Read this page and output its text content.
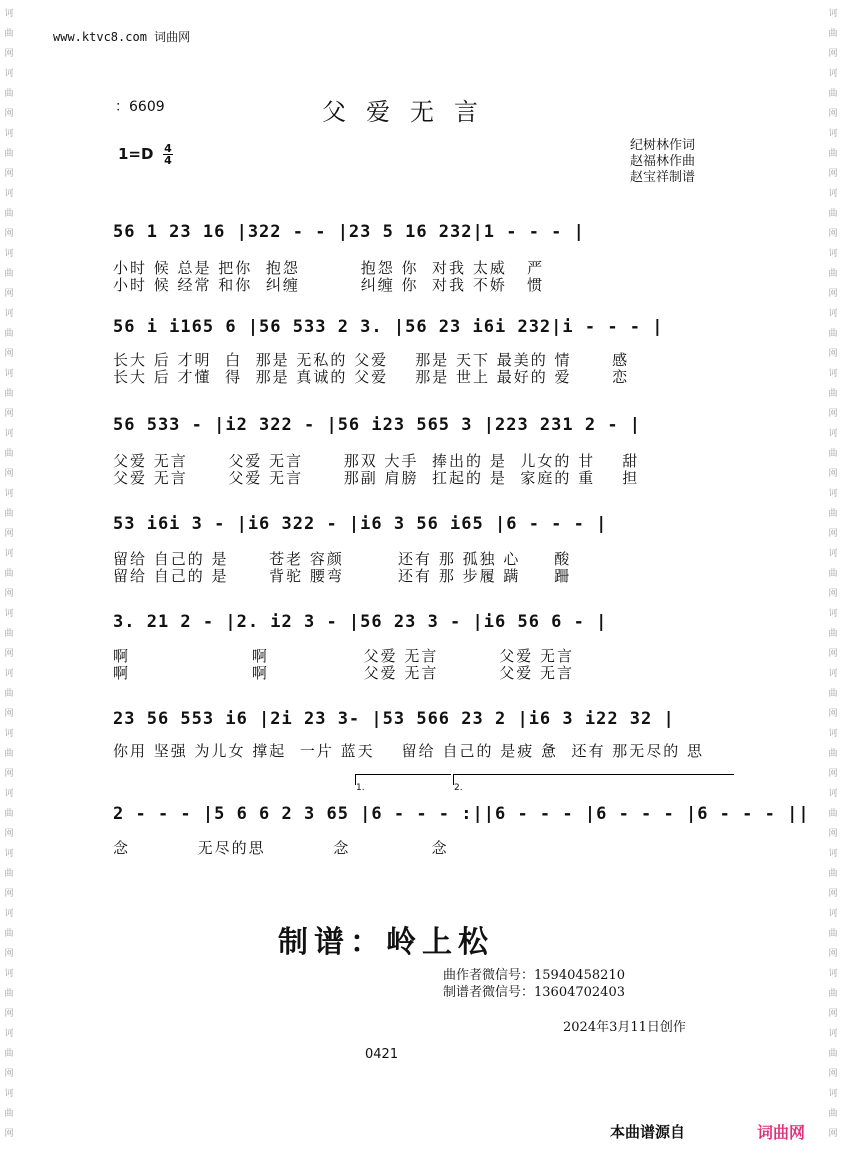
诃
曲
网
诃
曲
网
诃
曲
网
诃
曲
网
诃
曲
网
诃
曲
网
诃
曲
网
诃
曲
网
诃
曲
网
诃
曲
网
诃
曲
网
诃
曲
网
诃
曲
网
诃
曲
网
诃
曲
网
诃
曲
网
诃
曲
网
诃
曲
网
诃
曲
网
诃
曲
网
诃
曲
网
诃
曲
网
诃
曲
网
诃
曲
网
诃
曲
网
诃
曲
网
诃
曲
网
诃
曲
网
诃
曲
网
诃
曲
网
诃
曲
网
诃
曲
网
诃
曲
网
诃
曲
网
诃
曲
网
诃
曲
网
诃
曲
网
诃
曲
网
www.ktvc8.com 词曲网
：6609	父爱无言
1=D 4
4
纪树林作词
赵福林作曲
赵宝祥制谱
56 1 23 16 |322 - - |23 5 16 232|1 - - - |
小时 候 总是 把你  抱怨         抱怨 你  对我 太威   严
小时 候 经常 和你  纠缠         纠缠 你  对我 不娇   惯
56 i i165 6 |56 533 2 3. |56 23 i6i 232|i - - - |
长大 后 才明  白  那是 无私的 父爱    那是 天下 最美的 情      感
长大 后 才懂  得  那是 真诚的 父爱    那是 世上 最好的 爱      恋
56 533 - |i2 322 - |56 i23 565 3 |223 231 2 - |
父爱 无言      父爱 无言      那双 大手  捧出的 是  儿女的 甘    甜
父爱 无言      父爱 无言      那副 肩膀  扛起的 是  家庭的 重    担
53 i6i 3 - |i6 322 - |i6 3 56 i65 |6 - - - |
留给 自己的 是      苍老 容颜        还有 那 孤独 心     酸
留给 自己的 是      背驼 腰弯        还有 那 步履 蹒     跚
3. 21 2 - |2. i2 3 - |56 23 3 - |i6 56 6 - |
啊                  啊              父爱 无言         父爱 无言
啊                  啊              父爱 无言         父爱 无言
23 56 553 i6 |2i 23 3- |53 566 23 2 |i6 3 i22 32 |
你用 坚强 为儿女 撑起  一片 蓝天    留给 自己的 是疲 惫  还有 那无尽的 思
1.	2.
2 - - - |5 6 6 2 3 65 |6 - - - :||6 - - - |6 - - - |6 - - - ||
念          无尽的思          念            念
制谱：岭上松
曲作者微信号：15940458210
制谱者微信号：13604702403
2024年3月11日创作
0421
本曲谱源自	词曲网
